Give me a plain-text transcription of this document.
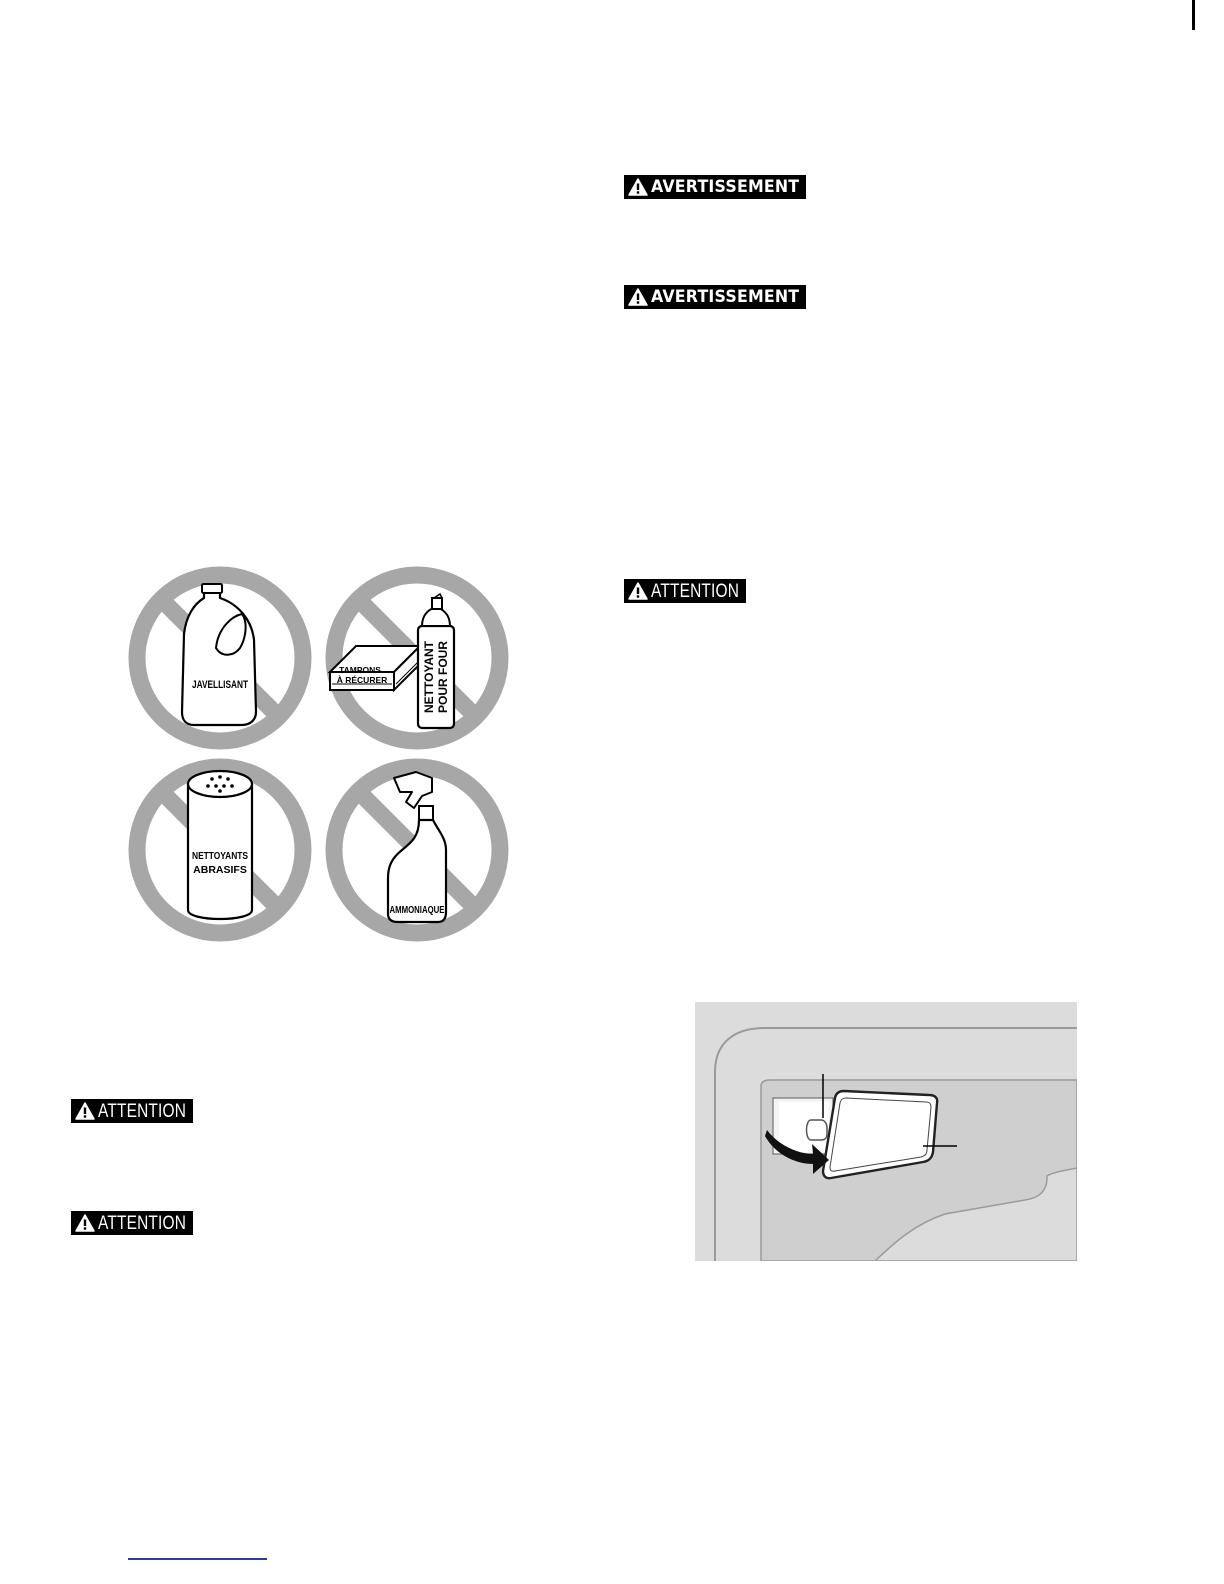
AVERTISSEMENT
AVERTISSEMENT
ATTENTION
ATTENTION
ATTENTION
JAVELLISANT
TAMPONS
À RÉCURER	NETTOYANT POUR FOUR
NETTOYANTS
ABRASIFS
AMMONIAQUE
